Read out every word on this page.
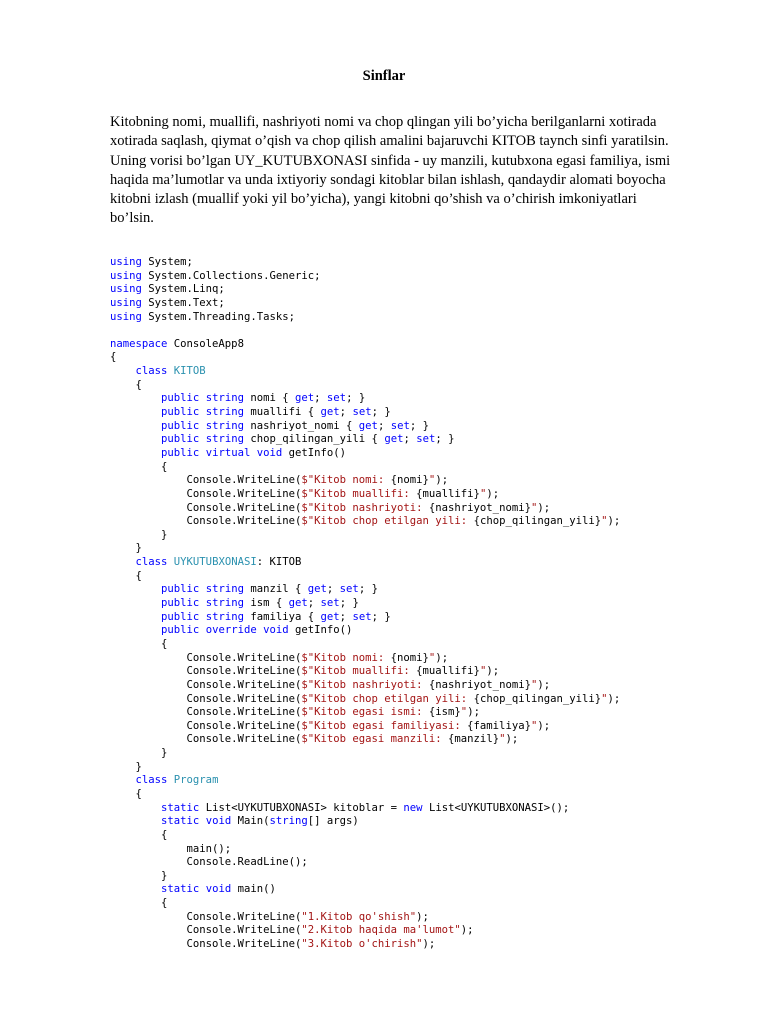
Sinflar
Kitobning nomi, muallifi, nashriyoti nomi va chop qlingan yili bo’yicha berilganlarni xotirada
xotirada saqlash, qiymat o’qish va chop qilish amalini bajaruvchi KITOB taynch sinfi yaratilsin.
Uning vorisi bo’lgan UY_KUTUBXONASI sinfida - uy manzili, kutubxona egasi familiya, ismi
haqida ma’lumotlar va unda ixtiyoriy sondagi kitoblar bilan ishlash, qandaydir alomati boyocha
kitobni izlash (muallif yoki yil bo’yicha), yangi kitobni qo’shish va o’chirish imkoniyatlari
bo’lsin.
using System;
using System.Collections.Generic;
using System.Linq;
using System.Text;
using System.Threading.Tasks;
namespace ConsoleApp8
{
class KITOB
{
public string nomi { get; set; }
public string muallifi { get; set; }
public string nashriyot_nomi { get; set; }
public string chop_qilingan_yili { get; set; }
public virtual void getInfo()
{
Console.WriteLine($"Kitob nomi: {nomi}");
Console.WriteLine($"Kitob muallifi: {muallifi}");
Console.WriteLine($"Kitob nashriyoti: {nashriyot_nomi}");
Console.WriteLine($"Kitob chop etilgan yili: {chop_qilingan_yili}");
}
}
class UYKUTUBXONASI: KITOB
{
public string manzil { get; set; }
public string ism { get; set; }
public string familiya { get; set; }
public override void getInfo()
{
Console.WriteLine($"Kitob nomi: {nomi}");
Console.WriteLine($"Kitob muallifi: {muallifi}");
Console.WriteLine($"Kitob nashriyoti: {nashriyot_nomi}");
Console.WriteLine($"Kitob chop etilgan yili: {chop_qilingan_yili}");
Console.WriteLine($"Kitob egasi ismi: {ism}");
Console.WriteLine($"Kitob egasi familiyasi: {familiya}");
Console.WriteLine($"Kitob egasi manzili: {manzil}");
}
}
class Program
{
static List<UYKUTUBXONASI> kitoblar = new List<UYKUTUBXONASI>();
static void Main(string[] args)
{
main();
Console.ReadLine();
}
static void main()
{
Console.WriteLine("1.Kitob qo'shish");
Console.WriteLine("2.Kitob haqida ma'lumot");
Console.WriteLine("3.Kitob o'chirish");
